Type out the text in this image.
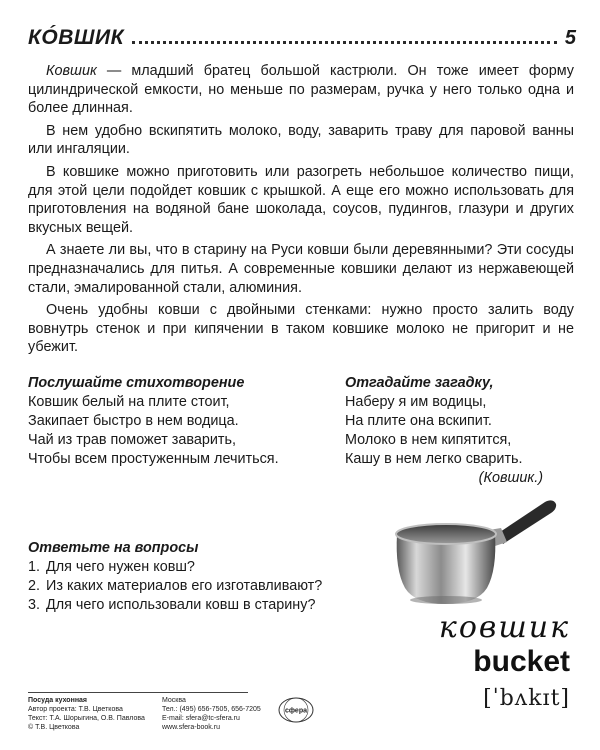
КÓВШИК	5

Ковшик — младший братец большой кастрюли. Он тоже имеет форму цилиндрической емкости, но меньше по размерам, ручка у него только одна и более длинная.

В нем удобно вскипятить молоко, воду, заварить траву для паровой ванны или ингаляции.

В ковшике можно приготовить или разогреть небольшое количество пищи, для этой цели подойдет ковшик с крышкой. А еще его можно использовать для приготовления на водяной бане шоколада, соусов, пудингов, глазури и других вкусных вещей.

А знаете ли вы, что в старину на Руси ковши были деревянными? Эти сосуды предназначались для питья. А современные ковшики делают из нержавеющей стали, эмалированной стали, алюминия.

Очень удобны ковши с двойными стенками: нужно просто залить воду вовнутрь стенок и при кипячении в таком ковшике молоко не пригорит и не убежит.

Послушайте стихотворение
Ковшик белый на плите стоит,
Закипает быстро в нем водица.
Чай из трав поможет заварить,
Чтобы всем простуженным лечиться.
Отгадайте загадку,
Наберу я им водицы,
На плите она вскипит.
Молоко в нем кипятится,
Кашу в нем легко сварить.
(Ковшик.)
Ответьте на вопросы
1. Для чего нужен ковш?
2. Из каких материалов его изготавливают?
3. Для чего использовали ковш в старину?
ковшик
bucket
[ˈbʌkɪt]
Посуда кухонная
Автор проекта: Т.В. Цветкова
Текст: Т.А. Шорыгина, О.В. Павлова
© Т.В. Цветкова
Москва
Тел.: (495) 656-7505, 656-7205
E-mail: sfera@tc-sfera.ru
www.sfera-book.ru
сфера
